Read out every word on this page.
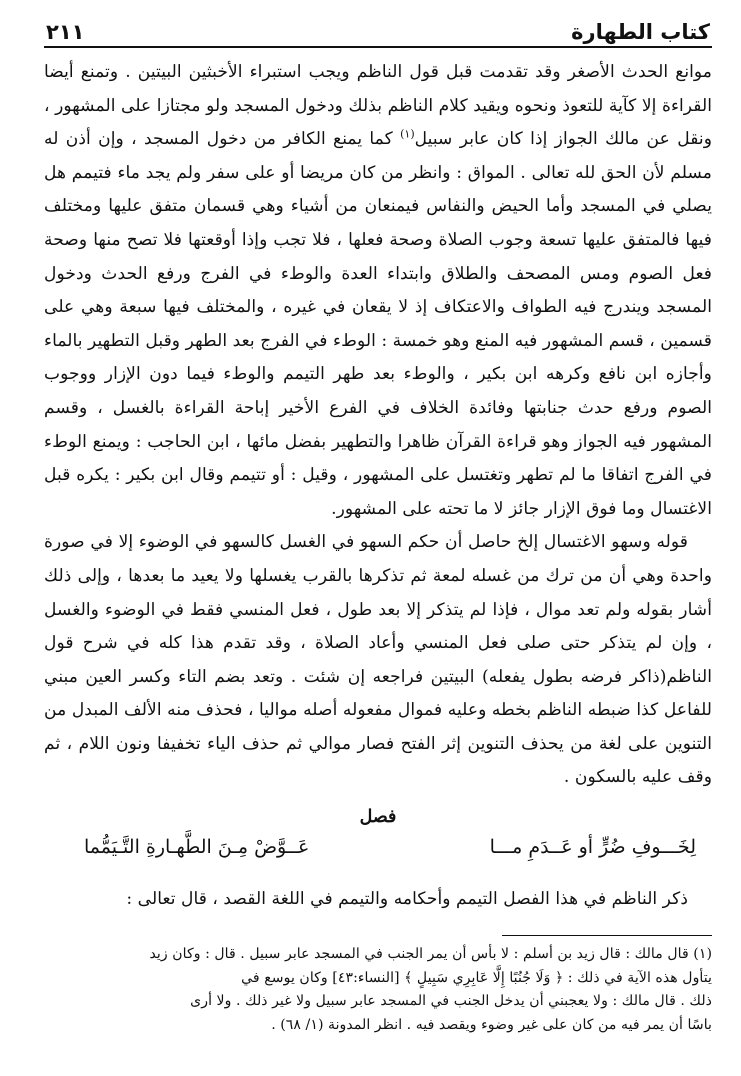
كتاب الطهارة
٢١١

موانع الحدث الأصغر وقد تقدمت قبل قول الناظم ويجب استبراء الأخبثين البيتين . وتمنع أيضا القراءة إلا كآية للتعوذ ونحوه ويقيد كلام الناظم بذلك ودخول المسجد ولو مجتازا على المشهور ، ونقل عن مالك الجواز إذا كان عابر سبيل$^{(١)}$ كما يمنع الكافر من دخول المسجد ، وإن أذن له مسلم لأن الحق لله تعالى . المواق : وانظر من كان مريضا أو على سفر ولم يجد ماء فتيمم هل يصلي في المسجد وأما الحيض والنفاس فيمنعان من أشياء وهي قسمان متفق عليها ومختلف فيها فالمتفق عليها تسعة وجوب الصلاة وصحة فعلها ، فلا تجب وإذا أوقعتها فلا تصح منها وصحة فعل الصوم ومس المصحف والطلاق وابتداء العدة والوطء في الفرج ورفع الحدث ودخول المسجد ويندرج فيه الطواف والاعتكاف إذ لا يقعان في غيره ، والمختلف فيها سبعة وهي على قسمين ، قسم المشهور فيه المنع وهو خمسة : الوطء في الفرج بعد الطهر وقبل التطهير بالماء وأجازه ابن نافع وكرهه ابن بكير ، والوطء بعد طهر التيمم والوطء فيما دون الإزار ووجوب الصوم ورفع حدث جنابتها وفائدة الخلاف في الفرع الأخير إباحة القراءة بالغسل ، وقسم المشهور فيه الجواز وهو قراءة القرآن ظاهرا والتطهير بفضل مائها ، ابن الحاجب : ويمنع الوطء في الفرج اتفاقا ما لم تطهر وتغتسل على المشهور ، وقيل : أو تتيمم وقال ابن بكير : يكره قبل الاغتسال وما فوق الإزار جائز لا ما تحته على المشهور.

قوله وسهو الاغتسال إلخ حاصل أن حكم السهو في الغسل كالسهو في الوضوء إلا في صورة واحدة وهي أن من ترك من غسله لمعة ثم تذكرها بالقرب يغسلها ولا يعيد ما بعدها ، وإلى ذلك أشار بقوله ولم تعد موال ، فإذا لم يتذكر إلا بعد طول ، فعل المنسي فقط في الوضوء والغسل ، وإن لم يتذكر حتى صلى فعل المنسي وأعاد الصلاة ، وقد تقدم هذا كله في شرح قول الناظم(ذاكر فرضه بطول يفعله) البيتين فراجعه إن شئت . وتعد بضم التاء وكسر العين مبني للفاعل كذا ضبطه الناظم بخطه وعليه فموال مفعوله أصله مواليا ، فحذف منه الألف المبدل من التنوين على لغة من يحذف التنوين إثر الفتح فصار موالي ثم حذف الياء تخفيفا ونون اللام ، ثم وقف عليه بالسكون .

فصل
لِخَـــوفِ ضُرٍّ أو عَــدَمِ مـــا
عَــوَّضْ مِـنَ الطَّهـارةِ التَّـيَمُّما

ذكر الناظم في هذا الفصل التيمم وأحكامه والتيمم في اللغة القصد ، قال تعالى :

(١) قال مالك : قال زيد بن أسلم : لا بأس أن يمر الجنب في المسجد عابر سبيل . قال : وكان زيد

يتأول هذه الآية في ذلك : ﴿ وَلَا جُنُبًا إِلَّا عَابِرِي سَبِيلٍ ﴾ [النساء:٤٣] وكان يوسع في

ذلك . قال مالك : ولا يعجبني أن يدخل الجنب في المسجد عابر سبيل ولا غير ذلك . ولا أرى

باسًا أن يمر فيه من كان على غير وضوء ويقصد فيه . انظر المدونة (١/ ٦٨) .
